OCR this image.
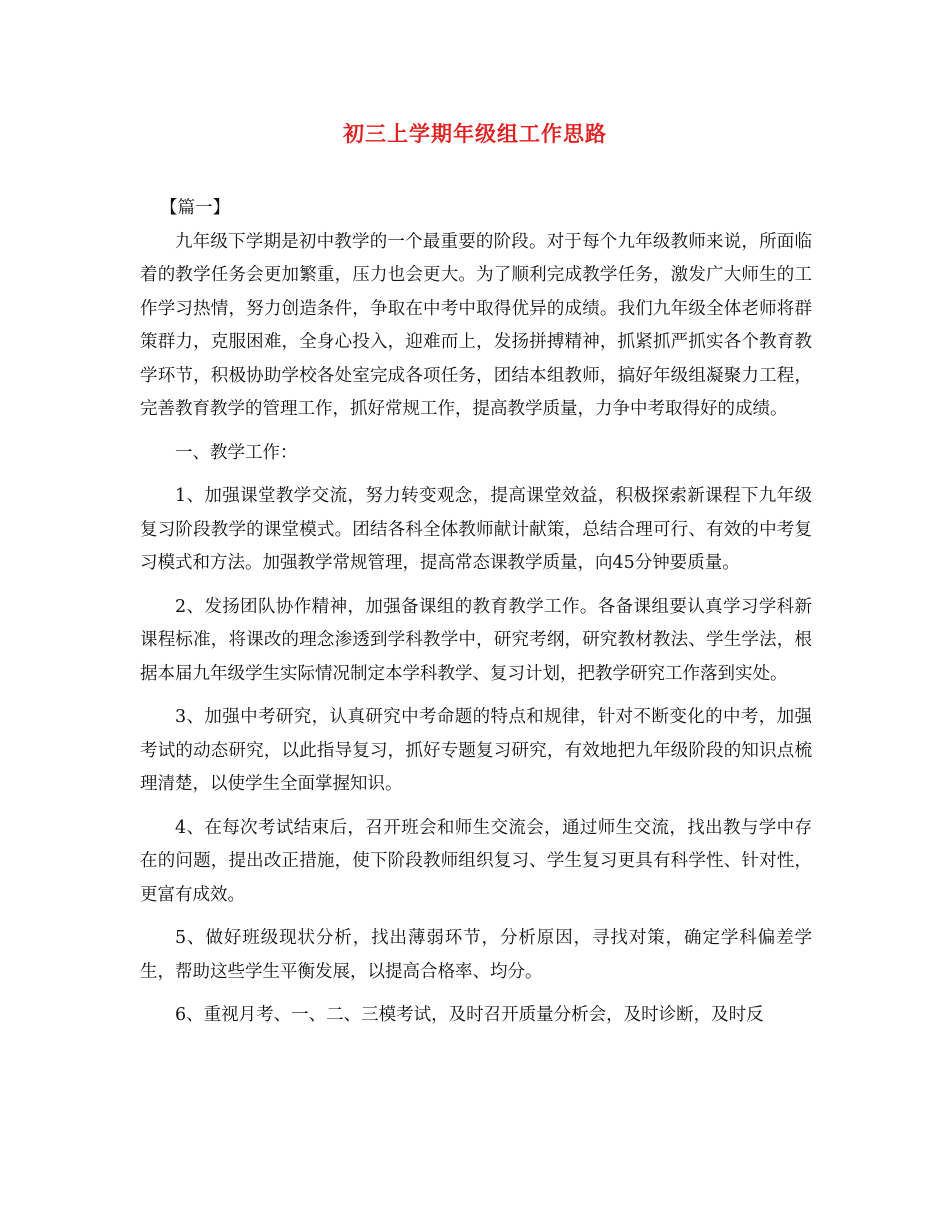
初三上学期年级组工作思路

【篇一】

九年级下学期是初中教学的一个最重要的阶段。对于每个九年级教师来说，所面临着的教学任务会更加繁重，压力也会更大。为了顺利完成教学任务，激发广大师生的工作学习热情，努力创造条件，争取在中考中取得优异的成绩。我们九年级全体老师将群策群力，克服困难，全身心投入，迎难而上，发扬拼搏精神，抓紧抓严抓实各个教育教学环节，积极协助学校各处室完成各项任务，团结本组教师，搞好年级组凝聚力工程，完善教育教学的管理工作，抓好常规工作，提高教学质量，力争中考取得好的成绩。

一、教学工作：

1、加强课堂教学交流，努力转变观念，提高课堂效益，积极探索新课程下九年级复习阶段教学的课堂模式。团结各科全体教师献计献策，总结合理可行、有效的中考复习模式和方法。加强教学常规管理，提高常态课教学质量，向45分钟要质量。

2、发扬团队协作精神，加强备课组的教育教学工作。各备课组要认真学习学科新课程标准，将课改的理念渗透到学科教学中，研究考纲，研究教材教法、学生学法，根据本届九年级学生实际情况制定本学科教学、复习计划，把教学研究工作落到实处。

3、加强中考研究，认真研究中考命题的特点和规律，针对不断变化的中考，加强考试的动态研究，以此指导复习，抓好专题复习研究，有效地把九年级阶段的知识点梳理清楚，以使学生全面掌握知识。

4、在每次考试结束后，召开班会和师生交流会，通过师生交流，找出教与学中存在的问题，提出改正措施，使下阶段教师组织复习、学生复习更具有科学性、针对性，更富有成效。

5、做好班级现状分析，找出薄弱环节，分析原因，寻找对策，确定学科偏差学生，帮助这些学生平衡发展，以提高合格率、均分。

6、重视月考、一、二、三模考试，及时召开质量分析会，及时诊断，及时反
